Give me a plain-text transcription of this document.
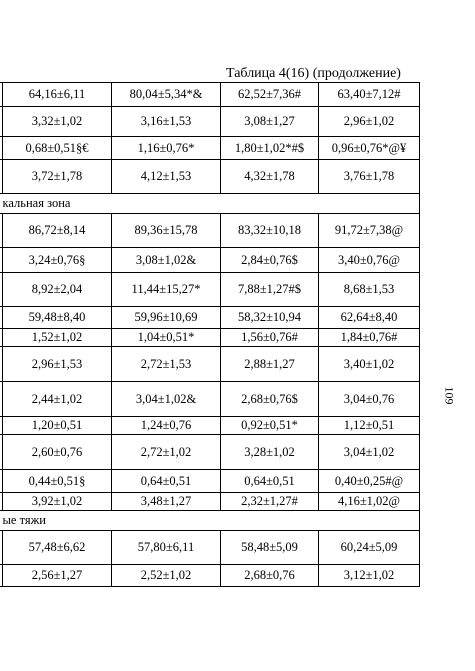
Таблица 4(16) (продолжение)
	64,16±6,11	80,04±5,34*&	62,52±7,36#	63,40±7,12#
	3,32±1,02	3,16±1,53	3,08±1,27	2,96±1,02
	0,68±0,51§€	1,16±0,76*	1,80±1,02*#$	0,96±0,76*@¥
	3,72±1,78	4,12±1,53	4,32±1,78	3,76±1,78
кальная зона				
	86,72±8,14	89,36±15,78	83,32±10,18	91,72±7,38@
	3,24±0,76§	3,08±1,02&	2,84±0,76$	3,40±0,76@
	8,92±2,04	11,44±15,27*	7,88±1,27#$	8,68±1,53
	59,48±8,40	59,96±10,69	58,32±10,94	62,64±8,40
	1,52±1,02	1,04±0,51*	1,56±0,76#	1,84±0,76#
	2,96±1,53	2,72±1,53	2,88±1,27	3,40±1,02
	2,44±1,02	3,04±1,02&	2,68±0,76$	3,04±0,76
	1,20±0,51	1,24±0,76	0,92±0,51*	1,12±0,51
	2,60±0,76	2,72±1,02	3,28±1,02	3,04±1,02
	0,44±0,51§	0,64±0,51	0,64±0,51	0,40±0,25#@
	3,92±1,02	3,48±1,27	2,32±1,27#	4,16±1,02@
ые тяжи				
	57,48±6,62	57,80±6,11	58,48±5,09	60,24±5,09
	2,56±1,27	2,52±1,02	2,68±0,76	3,12±1,02
109
